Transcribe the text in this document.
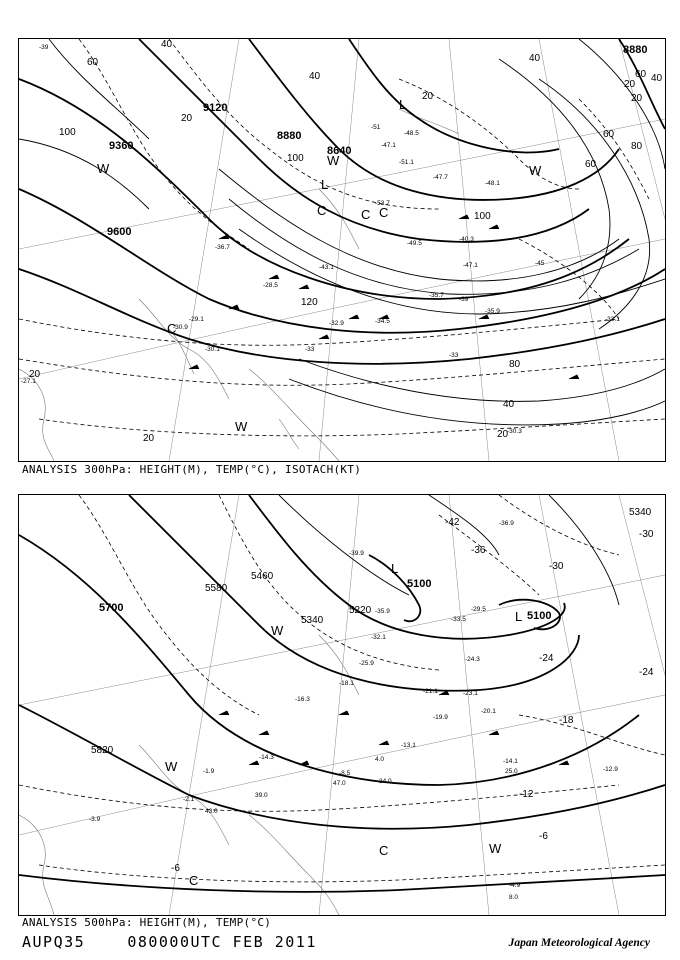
9120
9360
9600
8880
8640
8880
60
40
20
100
100
40
20
40
60
80
60 40
20
20
120
100
80
60
40
20
20
20
-39
-51
-48.5
-47.1
-51.1
-48.1
-47.7
-53.7
-49.5
-47.1
-40.3
-45
-39
-36.7
-33
-35.9
-34.5
-32.9
-30.1
-30.3
-29.1
-33
-35.7
-43.1
-28.5
-30.9
-33.1
-27.1
L
W
C
W
C
C
W
L
C
W
ANALYSIS 300hPa: HEIGHT(M), TEMP(°C), ISOTACH(KT)
5700
5580
5460
5340
5220
5100
5100
5820
5340
-42
-36
-30
-24
-18
-12
-6
-6
-30
-24
-39.9
-36.9
-35.9
-33.5
-32.1
-29.5
-25.9
-24.3
-23.1
-21.1
-20.1
-19.9
-18.1
-16.3
-14.1
-14.3
-13.1
-12.9
-8.5
-4.9
-3.9
-2.1
-1.9
4.0
8.0
25.0
34.0
39.0
43.0
47.0
L
L
W
W
C
C
W
ANALYSIS 500hPa: HEIGHT(M), TEMP(°C)
AUPQ35	080000UTC FEB 2011	Japan Meteorological Agency
